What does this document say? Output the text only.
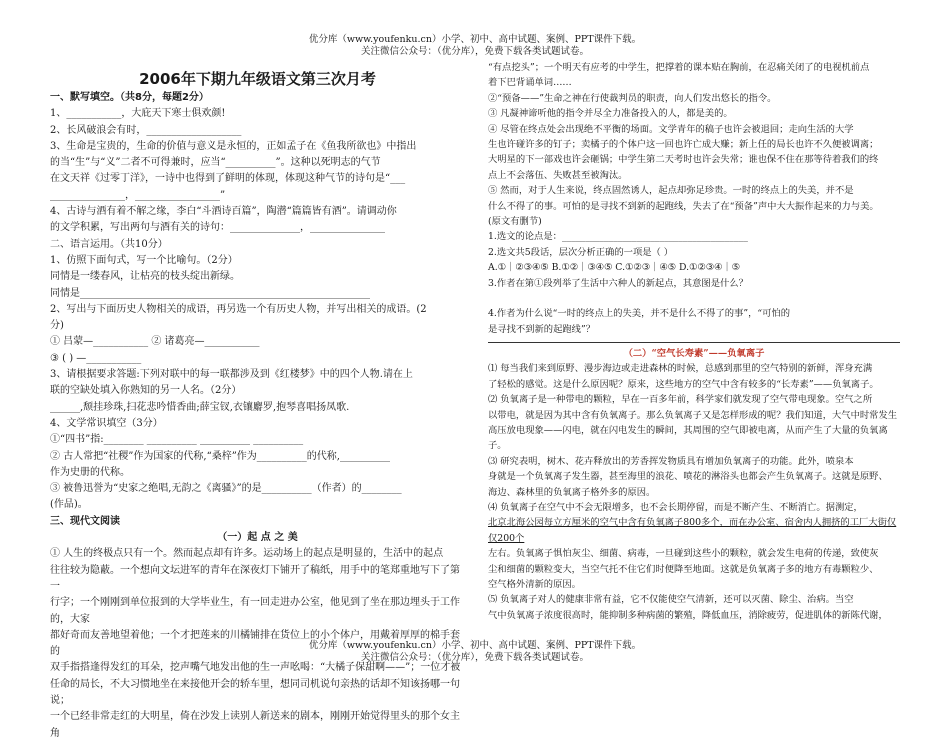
优分库（www.youfenku.cn）小学、初中、高中试题、案例、PPT课件下载。
关注微信公众号：（优分库），免费下载各类试题试卷。
2006年下期九年级语文第三次月考

一、默写填空。（共8分，每题2分）

1、___________，大庇天下寒士俱欢颜!

2、长风破浪会有时，___________________

3、生命是宝贵的，生命的价值与意义是永恒的，正如孟子在《鱼我所欲也》中指出

的当“生”与“义”二者不可得兼时，应当“__________”。这种以死明志的气节

在文天祥《过零丁洋》，一诗中也得到了鲜明的体现，体现这种气节的诗句是“___

_______________，_________________”

4、古诗与酒有着不解之缘，李白“斗酒诗百篇”，陶潜“篇篇皆有酒”。请调动你

的文学积累，写出两句与酒有关的诗句：______________，_______________

二、语言运用。（共10分）

1、仿照下面句式，写一个比喻句。（2分）

同情是一缕春风，让枯亮的枝头绽出新绿。

同情是__________________________________________________________

2、写出与下面历史人物相关的成语，再另选一个有历史人物，并写出相关的成语。(2

分)

① 吕蒙—___________ ② 诸葛亮—___________

③ ( ) —___________

3、请根据要求答题:下列对联中的每一联都涉及到《红楼梦》中的四个人物.请在上

联的空缺处填入你熟知的另一人名。（2分）

______,颓挂珍珠,扫花悲吟惜香曲;薛宝钗,衣镶麝罗,抱琴喜唱扬凤歌.

4、文学常识填空（3分）

①“四书”指:________ __________ __________ __________

② 古人常把“社稷”作为国家的代称,“桑梓”作为__________的代称,__________

作为史册的代称。

③ 被鲁迅誉为“史家之绝唱,无韵之《离骚》”的是__________（作者）的________

(作品)。

三、现代文阅读

（一）起 点 之 美

① 人生的终极点只有一个。然而起点却有许多。运动场上的起点是明显的，生活中的起点

往往较为隐蔽。一个想向文坛进军的青年在深夜灯下铺开了稿纸，用手中的笔郑重地写下了第一

行字；一个刚刚到单位报到的大学毕业生，有一回走进办公室，他见到了坐在那边埋头于工作的，大家

都好奇而友善地望着他；一个才把莲来的川橘铺排在货位上的小个体户，用戴着厚厚的棉手套的

双手指搭逢得发红的耳朵，挖声嘴气地发出他的生一声吆喝：“大橘子保甜啊——”；一位才被

任命的局长，不大习惯地坐在来接他开会的轿车里，想同司机说句亲热的话却不知该扬哪一句说；

一个已经非常走红的大明星，倚在沙发上读别人新送来的剧本，刚刚开始觉得里头的那个女主角

“有点挖头”；一个明天有应考的中学生，把撑着的课本贴在胸前，在忍痛关闭了的电视机前点

着下巴背诵单词……

②“预备——”生命之神在行使裁判员的职责，向人们发出悠长的指令。

③ 凡凝神谛听他的指令并尽全力准备投入的人，都是美的。

④ 尽管在终点处会出现绝不平衡的场面。文学青年的稿子也许会被退回；走向生活的大学

生也许碰许多的钉子；卖橘子的个体户这一回也许亡成大赚；新上任的局长也许不久便被调离；

大明星的下一部戏也许会砸锅；中学生第二天考时也许会失常；谁也保不住在那等待着我们的终

点上不会落伍、失败甚至被淘汰。

⑤ 然而，对于人生来说，终点固然诱人，起点却弥足珍贵。一时的终点上的失美，并不是

什么不得了的事。可怕的是寻找不到新的起跑线，失去了在“预备”声中大大振作起来的力与美。

(原文有删节)

1.选文的论点是：________________________________________

2.选文共5段话，层次分析正确的一项是（ ）

A.①｜②③④⑤ B.①②｜③④⑤ C.①②③｜④⑤ D.①②③④｜⑤

3.作者在第①段列举了生活中六种人的新起点，其意图是什么？

4.作者为什么说“一时的终点上的失美，并不是什么不得了的事”，“可怕的

是寻找不到新的起跑线”？

（二）“空气长寿素”——负氧离子

⑴ 每当我们来到原野、漫步海边或走进森林的时候，总感到那里的空气特别的新鲜，浑身充满

了轻松的感觉。这是什么原因呢？原来，这些地方的空气中含有较多的“长寿素”——负氧离子。

⑵ 负氧离子是一种带电的颗粒，早在一百多年前，科学家们就发现了空气带电现象。空气之所

以带电，就是因为其中含有负氧离子。那么负氧离子又是怎样形成的呢？我们知道，大气中时常发生

高压放电现象——闪电，就在闪电发生的瞬间，其周围的空气即被电离，从而产生了大量的负氧离子。

⑶ 研究表明，树木、花卉释放出的芳香挥发物质具有增加负氧离子的功能。此外，喷泉本

身就是一个负氧离子发生器，甚至海里的浪花、喷花的淋浴头也都会产生负氧离子。这就是原野、

海边、森林里的负氧离子格外多的原因。

⑷ 负氧离子在空气中不会无限增多，也不会长期停留，而是不断产生、不断消亡。据测定，

北京北海公园每立方厘米的空气中含有负氧离子800多个，而在办公室、宿舍内人拥挤的工厂大街仅仅200个

左右。负氧离子惧怕灰尘、细菌、病毒，一旦碰到这些小的颗粒，就会发生电荷的传递，致使灰

尘和细菌的颗粒变大，当空气托不住它们时便降至地面。这就是负氧离子多的地方有毒颗粒少、

空气格外清新的原因。

⑸ 负氧离子对人的健康非常有益，它不仅能使空气清新，还可以灭菌、除尘、治病。当空

气中负氧离子浓度很高时，能抑制多种病菌的繁殖，降低血压，消除疲劳，促进肌体的新陈代谢，

优分库（www.youfenku.cn）小学、初中、高中试题、案例、PPT课件下载。
关注微信公众号：（优分库），免费下载各类试题试卷。
